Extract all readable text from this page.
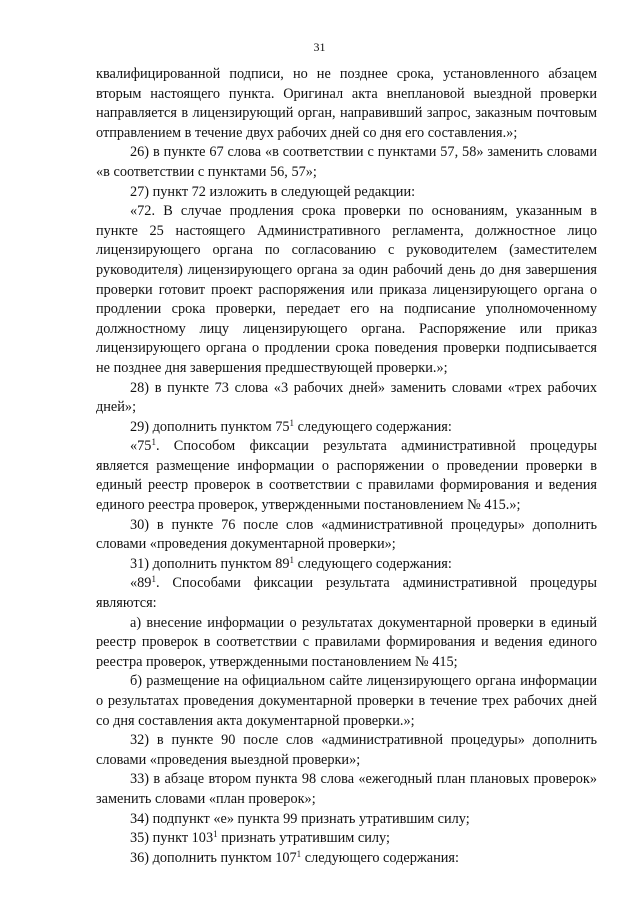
31

квалифицированной подписи, но не позднее срока, установленного абзацем вторым настоящего пункта. Оригинал акта внеплановой выездной проверки направляется в лицензирующий орган, направивший запрос, заказным почтовым отправлением в течение двух рабочих дней со дня его составления.»;

26) в пункте 67 слова «в соответствии с пунктами 57, 58» заменить словами «в соответствии с пунктами 56, 57»;

27) пункт 72 изложить в следующей редакции:

«72. В случае продления срока проверки по основаниям, указанным в пункте 25 настоящего Административного регламента, должностное лицо лицензирующего органа по согласованию с руководителем (заместителем руководителя) лицензирующего органа за один рабочий день до дня завершения проверки готовит проект распоряжения или приказа лицензирующего органа о продлении срока проверки, передает его на подписание уполномоченному должностному лицу лицензирующего органа. Распоряжение или приказ лицензирующего органа о продлении срока поведения проверки подписывается не позднее дня завершения предшествующей проверки.»;

28) в пункте 73 слова «3 рабочих дней» заменить словами «трех рабочих дней»;

29) дополнить пунктом $75^1$ следующего содержания:

«$75^1$. Способом фиксации результата административной процедуры является размещение информации о распоряжении о проведении проверки в единый реестр проверок в соответствии с правилами формирования и ведения единого реестра проверок, утвержденными постановлением № 415.»;

30) в пункте 76 после слов «административной процедуры» дополнить словами «проведения документарной проверки»;

31) дополнить пунктом $89^1$ следующего содержания:

«$89^1$. Способами фиксации результата административной процедуры являются:

а) внесение информации о результатах документарной проверки в единый реестр проверок в соответствии с правилами формирования и ведения единого реестра проверок, утвержденными постановлением № 415;

б) размещение на официальном сайте лицензирующего органа информации о результатах проведения документарной проверки в течение трех рабочих дней со дня составления акта документарной проверки.»;

32) в пункте 90 после слов «административной процедуры» дополнить словами «проведения выездной проверки»;

33) в абзаце втором пункта 98 слова «ежегодный план плановых проверок» заменить словами «план проверок»;

34) подпункт «е» пункта 99 признать утратившим силу;

35) пункт $103^1$ признать утратившим силу;

36) дополнить пунктом $107^1$ следующего содержания:
